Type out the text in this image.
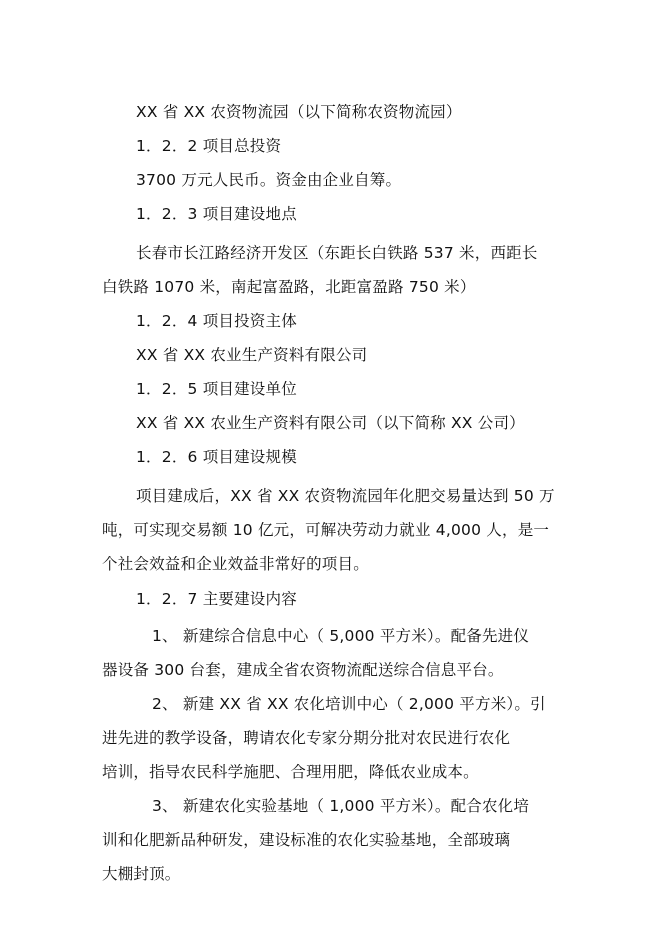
XX 省 XX 农资物流园（以下简称农资物流园）
1．2．2 项目总投资
3700 万元人民币。资金由企业自筹。
1．2．3 项目建设地点
长春市长江路经济开发区（东距长白铁路 537 米，西距长
白铁路 1070 米，南起富盈路，北距富盈路 750 米）
1．2．4 项目投资主体
XX 省 XX 农业生产资料有限公司
1．2．5 项目建设单位
XX 省 XX 农业生产资料有限公司（以下简称 XX 公司）
1．2．6 项目建设规模
项目建成后，XX 省 XX 农资物流园年化肥交易量达到 50 万
吨，可实现交易额 10 亿元，可解决劳动力就业 4,000 人，是一
个社会效益和企业效益非常好的项目。
1．2．7 主要建设内容
1、 新建综合信息中心（ 5,000 平方米）。配备先进仪
器设备 300 台套，建成全省农资物流配送综合信息平台。
2、 新建 XX 省 XX 农化培训中心（ 2,000 平方米）。引
进先进的教学设备，聘请农化专家分期分批对农民进行农化
培训，指导农民科学施肥、合理用肥，降低农业成本。
3、 新建农化实验基地（ 1,000 平方米）。配合农化培
训和化肥新品种研发，建设标准的农化实验基地，全部玻璃
大棚封顶。
